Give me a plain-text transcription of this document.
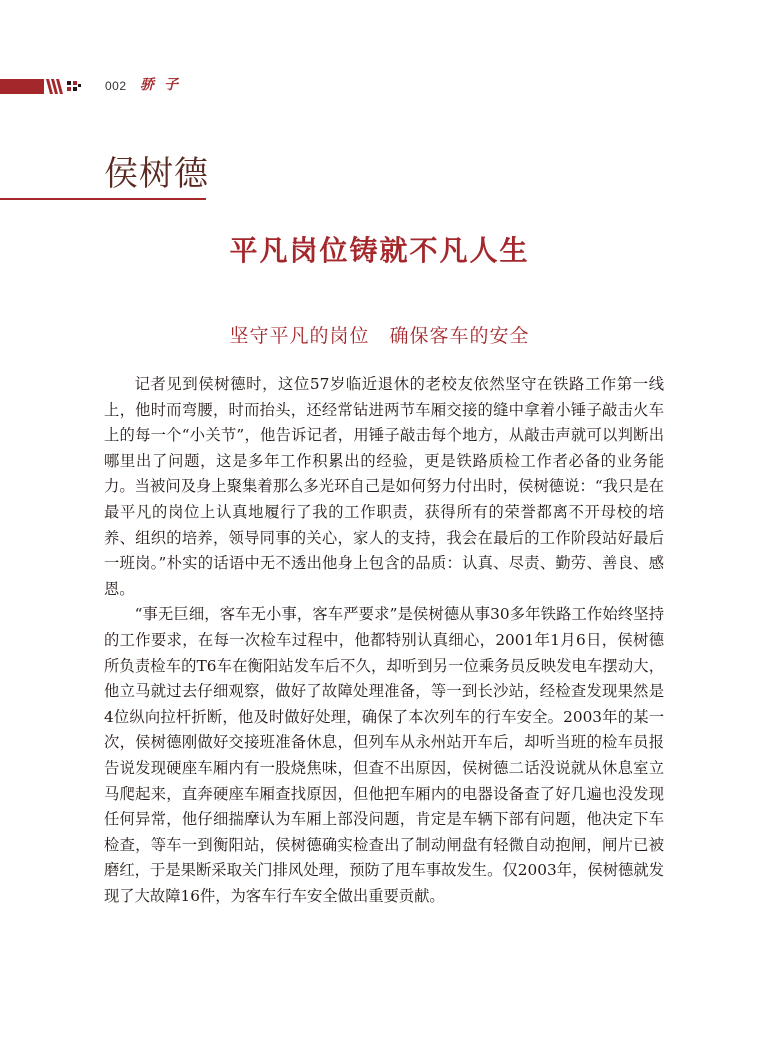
002 骄子
侯树德
平凡岗位铸就不凡人生
坚守平凡的岗位　确保客车的安全

记者见到侯树德时，这位57岁临近退休的老校友依然坚守在铁路工作第一线上，他时而弯腰，时而抬头，还经常钻进两节车厢交接的缝中拿着小锤子敲击火车上的每一个“小关节”，他告诉记者，用锤子敲击每个地方，从敲击声就可以判断出哪里出了问题，这是多年工作积累出的经验，更是铁路质检工作者必备的业务能力。当被问及身上聚集着那么多光环自己是如何努力付出时，侯树德说：“我只是在最平凡的岗位上认真地履行了我的工作职责，获得所有的荣誉都离不开母校的培养、组织的培养，领导同事的关心，家人的支持，我会在最后的工作阶段站好最后一班岗。”朴实的话语中无不透出他身上包含的品质：认真、尽责、勤劳、善良、感恩。

“事无巨细，客车无小事，客车严要求”是侯树德从事30多年铁路工作始终坚持的工作要求，在每一次检车过程中，他都特别认真细心，2001年1月6日，侯树德所负责检车的T6车在衡阳站发车后不久，却听到另一位乘务员反映发电车摆动大，他立马就过去仔细观察，做好了故障处理准备，等一到长沙站，经检查发现果然是4位纵向拉杆折断，他及时做好处理，确保了本次列车的行车安全。2003年的某一次，侯树德刚做好交接班准备休息，但列车从永州站开车后，却听当班的检车员报告说发现硬座车厢内有一股烧焦味，但查不出原因，侯树德二话没说就从休息室立马爬起来，直奔硬座车厢查找原因，但他把车厢内的电器设备查了好几遍也没发现任何异常，他仔细揣摩认为车厢上部没问题，肯定是车辆下部有问题，他决定下车检查，等车一到衡阳站，侯树德确实检查出了制动闸盘有轻微自动抱闸，闸片已被磨红，于是果断采取关门排风处理，预防了甩车事故发生。仅2003年，侯树德就发现了大故障16件，为客车行车安全做出重要贡献。
